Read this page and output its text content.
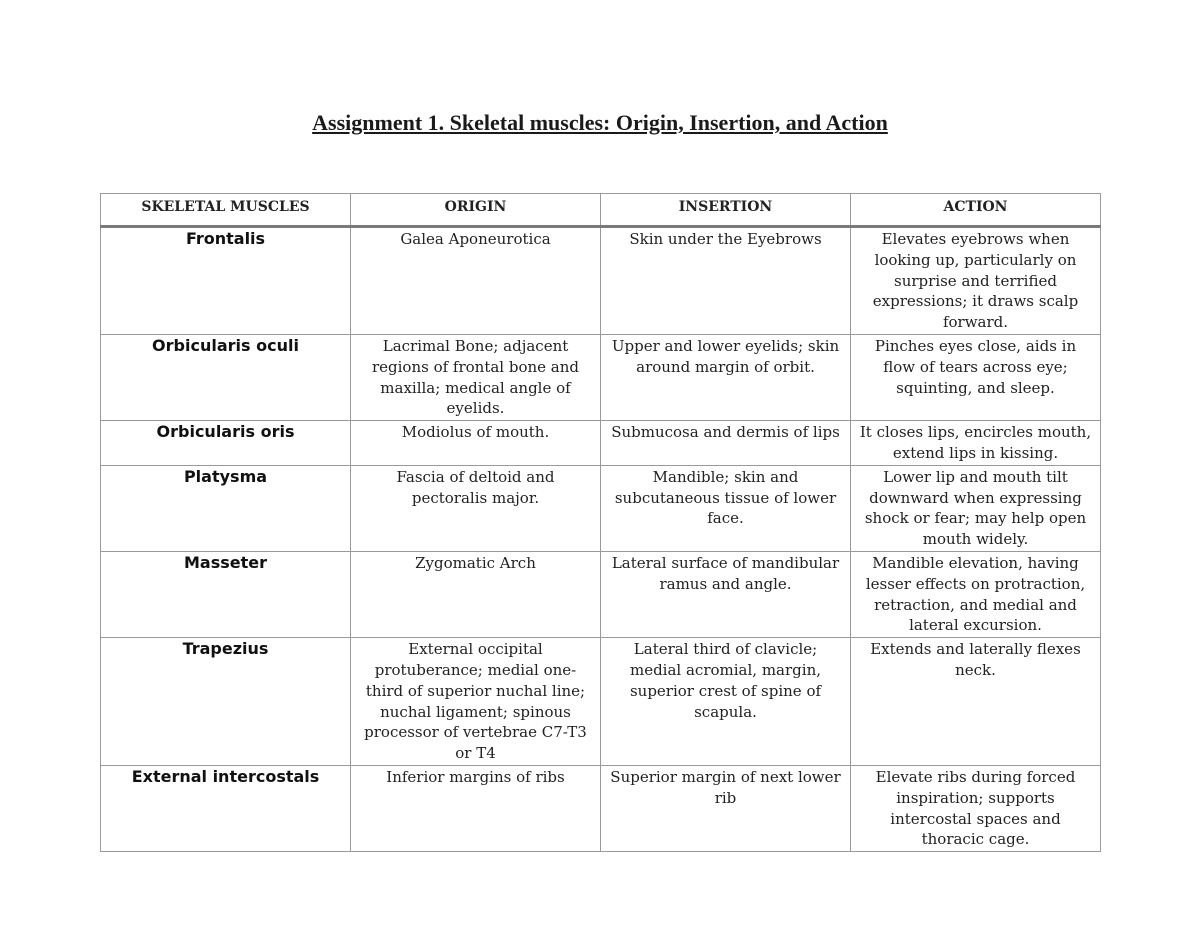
Assignment 1. Skeletal muscles: Origin, Insertion, and Action
SKELETAL MUSCLES	ORIGIN	INSERTION	ACTION
Frontalis	Galea Aponeurotica	Skin under the Eyebrows	Elevates eyebrows when looking up, particularly on surprise and terrified expressions; it draws scalp forward.
Orbicularis oculi	Lacrimal Bone; adjacent regions of frontal bone and maxilla; medical angle of eyelids.	Upper and lower eyelids; skin around margin of orbit.	Pinches eyes close, aids in flow of tears across eye; squinting, and sleep.
Orbicularis oris	Modiolus of mouth.	Submucosa and dermis of lips	It closes lips, encircles mouth, extend lips in kissing.
Platysma	Fascia of deltoid and pectoralis major.	Mandible; skin and subcutaneous tissue of lower face.	Lower lip and mouth tilt downward when expressing shock or fear; may help open mouth widely.
Masseter	Zygomatic Arch	Lateral surface of mandibular ramus and angle.	Mandible elevation, having lesser effects on protraction, retraction, and medial and lateral excursion.
Trapezius	External occipital protuberance; medial one-third of superior nuchal line; nuchal ligament; spinous processor of vertebrae C7-T3 or T4	Lateral third of clavicle; medial acromial, margin, superior crest of spine of scapula.	Extends and laterally flexes neck.
External intercostals	Inferior margins of ribs	Superior margin of next lower rib	Elevate ribs during forced inspiration; supports intercostal spaces and thoracic cage.
